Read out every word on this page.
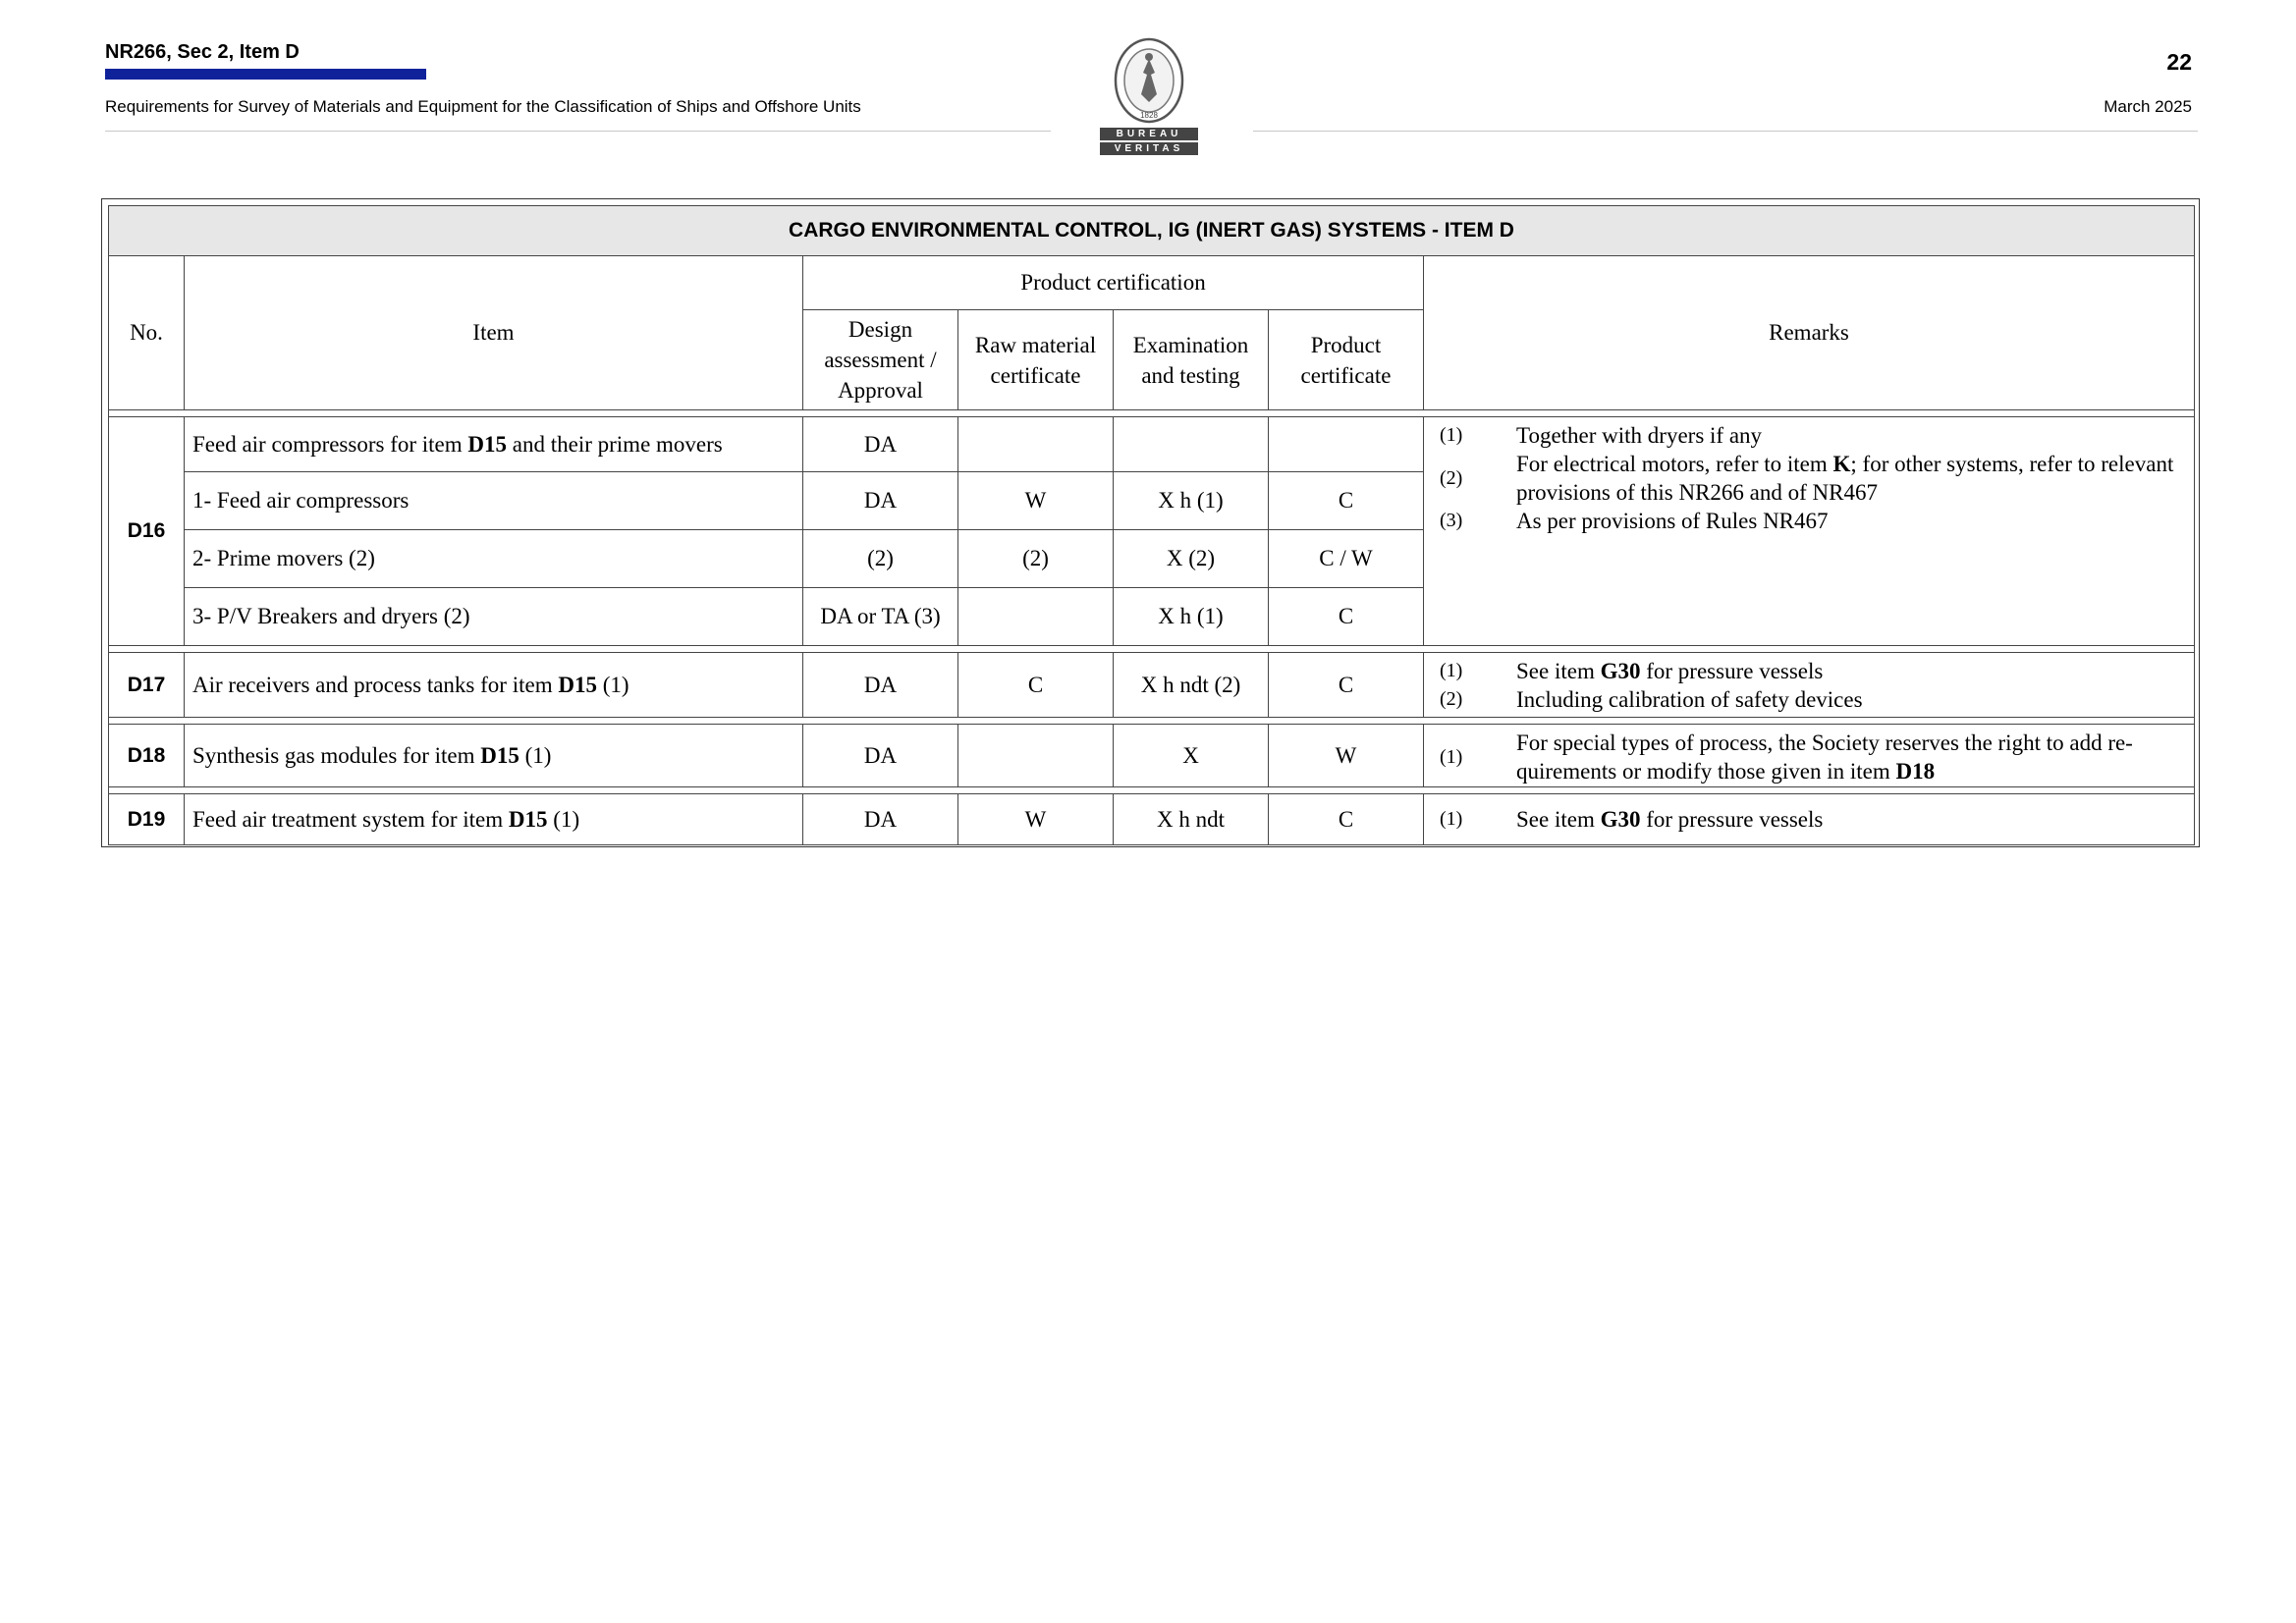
NR266, Sec 2, Item D
Requirements for Survey of Materials and Equipment for the Classification of Ships and Offshore Units
22
March 2025
1828
BUREAU
VERITAS
CARGO ENVIRONMENTAL CONTROL, IG (INERT GAS) SYSTEMS - ITEM D
No.	Item	Product certification	Remarks
Design assessment / Approval	Raw material certificate	Examination and testing	Product certificate

D16	Feed air compressors for item D15 and their prime movers	DA					(1)	Together with dryers if any
(2)	For electrical motors, refer to item K; for other systems, refer to relevant provisions of this NR266 and of NR467
(3)	As per provisions of Rules NR467

1- Feed air compressors	DA	W	X h (1)	C
2- Prime movers (2)	(2)	(2)	X (2)	C / W
3- P/V Breakers and dryers (2)	DA or TA (3)		X h (1)	C

D17	Air receivers and process tanks for item D15 (1)	DA	C	X h ndt (2)	C	
(1)	See item G30 for pressure vessels
(2)	Including calibration of safety devices

D18	Synthesis gas modules for item D15 (1)	DA		X	W		(1)	For special types of process, the Society reserves the right to add re-quirements or modify those given in item D18

D19	Feed air treatment system for item D15 (1)	DA	W	X h ndt	C		(1)	See item G30 for pressure vessels
